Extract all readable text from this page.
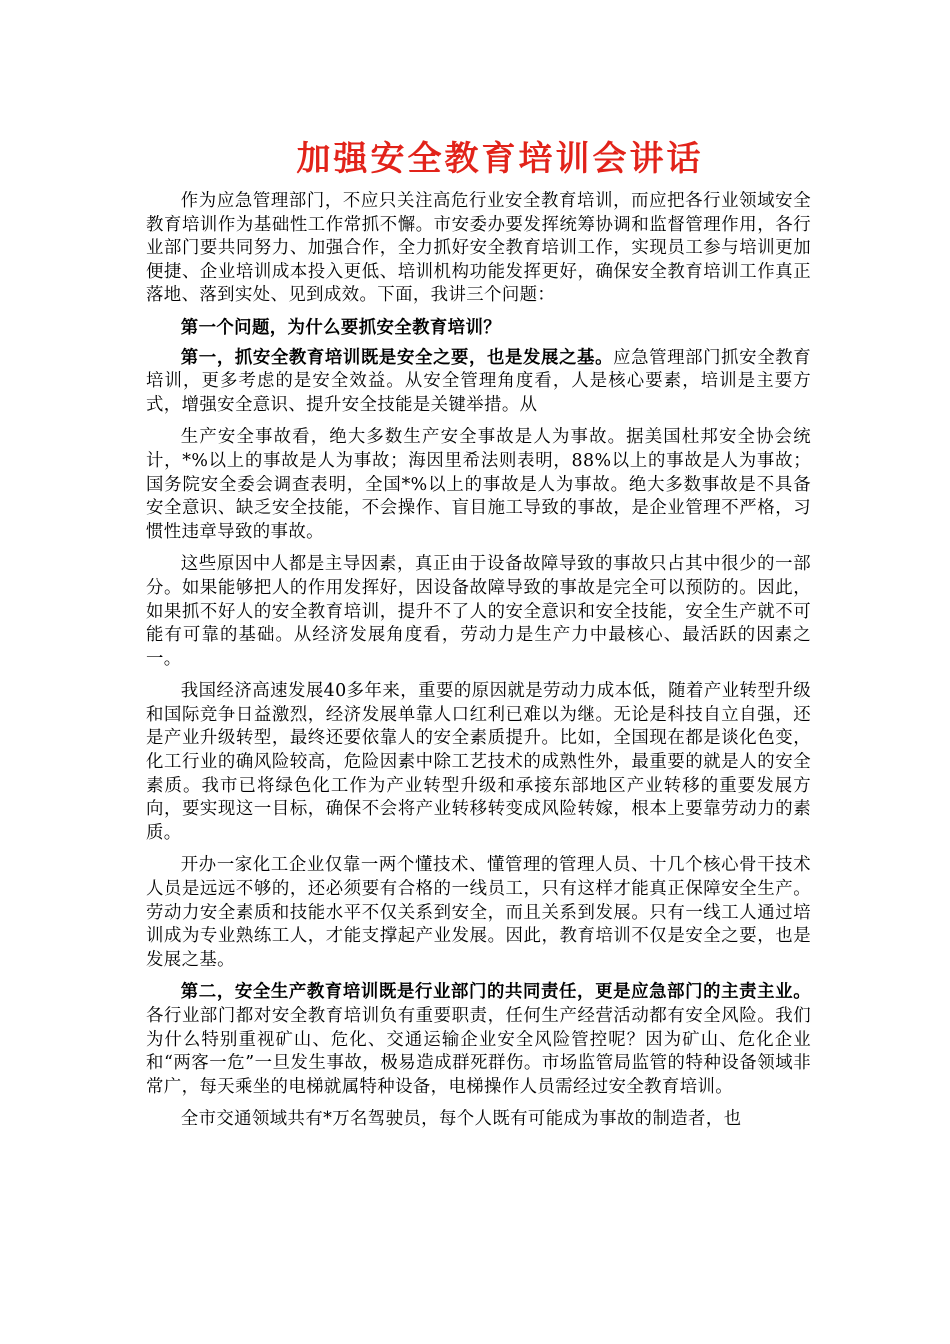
加强安全教育培训会讲话

作为应急管理部门，不应只关注高危行业安全教育培训，而应把各行业领域安全教育培训作为基础性工作常抓不懈。市安委办要发挥统筹协调和监督管理作用，各行业部门要共同努力、加强合作，全力抓好安全教育培训工作，实现员工参与培训更加便捷、企业培训成本投入更低、培训机构功能发挥更好，确保安全教育培训工作真正落地、落到实处、见到成效。下面，我讲三个问题：

第一个问题，为什么要抓安全教育培训？

第一，抓安全教育培训既是安全之要，也是发展之基。应急管理部门抓安全教育培训，更多考虑的是安全效益。从安全管理角度看，人是核心要素，培训是主要方式，增强安全意识、提升安全技能是关键举措。从

生产安全事故看，绝大多数生产安全事故是人为事故。据美国杜邦安全协会统计，*%以上的事故是人为事故；海因里希法则表明，88%以上的事故是人为事故；国务院安全委会调查表明，全国*%以上的事故是人为事故。绝大多数事故是不具备安全意识、缺乏安全技能，不会操作、盲目施工导致的事故，是企业管理不严格，习惯性违章导致的事故。

这些原因中人都是主导因素，真正由于设备故障导致的事故只占其中很少的一部分。如果能够把人的作用发挥好，因设备故障导致的事故是完全可以预防的。因此，如果抓不好人的安全教育培训，提升不了人的安全意识和安全技能，安全生产就不可能有可靠的基础。从经济发展角度看，劳动力是生产力中最核心、最活跃的因素之一。

我国经济高速发展40多年来，重要的原因就是劳动力成本低，随着产业转型升级和国际竞争日益激烈，经济发展单靠人口红利已难以为继。无论是科技自立自强，还是产业升级转型，最终还要依靠人的安全素质提升。比如，全国现在都是谈化色变，化工行业的确风险较高，危险因素中除工艺技术的成熟性外，最重要的就是人的安全素质。我市已将绿色化工作为产业转型升级和承接东部地区产业转移的重要发展方向，要实现这一目标，确保不会将产业转移转变成风险转嫁，根本上要靠劳动力的素质。

开办一家化工企业仅靠一两个懂技术、懂管理的管理人员、十几个核心骨干技术人员是远远不够的，还必须要有合格的一线员工，只有这样才能真正保障安全生产。劳动力安全素质和技能水平不仅关系到安全，而且关系到发展。只有一线工人通过培训成为专业熟练工人，才能支撑起产业发展。因此，教育培训不仅是安全之要，也是发展之基。

第二，安全生产教育培训既是行业部门的共同责任，更是应急部门的主责主业。各行业部门都对安全教育培训负有重要职责，任何生产经营活动都有安全风险。我们为什么特别重视矿山、危化、交通运输企业安全风险管控呢？因为矿山、危化企业和“两客一危”一旦发生事故，极易造成群死群伤。市场监管局监管的特种设备领域非常广，每天乘坐的电梯就属特种设备，电梯操作人员需经过安全教育培训。

全市交通领域共有*万名驾驶员，每个人既有可能成为事故的制造者，也
